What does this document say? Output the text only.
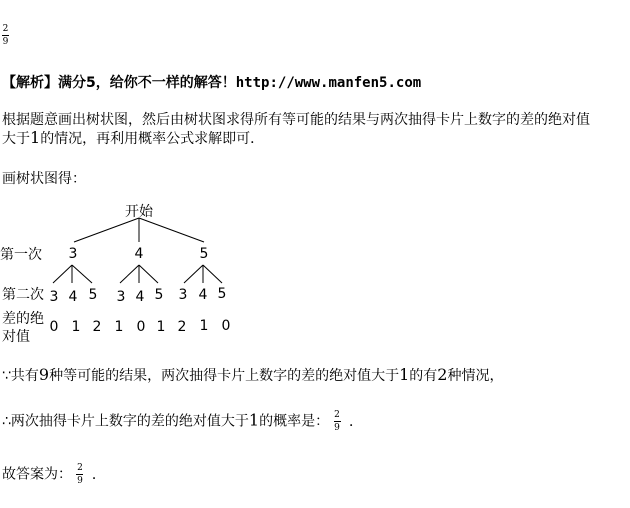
$\frac{2}{9}$
【解析】满分5，给你不一样的解答！http://www.manfen5.com
根据题意画出树状图，然后由树状图求得所有等可能的结果与两次抽得卡片上数字的差的绝对值
大于1的情况，再利用概率公式求解即可．
画树状图得：
开始
第一次
第二次
差的绝
对值
3	4	5
3 4 5 3 4 5 3 4 5
0 1 2 1 0 1 2 1 0
∵共有9种等可能的结果，两次抽得卡片上数字的差的绝对值大于1的有2种情况，
∴两次抽得卡片上数字的差的绝对值大于1的概率是： $\frac{2}{9}$ ．
故答案为： $\frac{2}{9}$ ．
